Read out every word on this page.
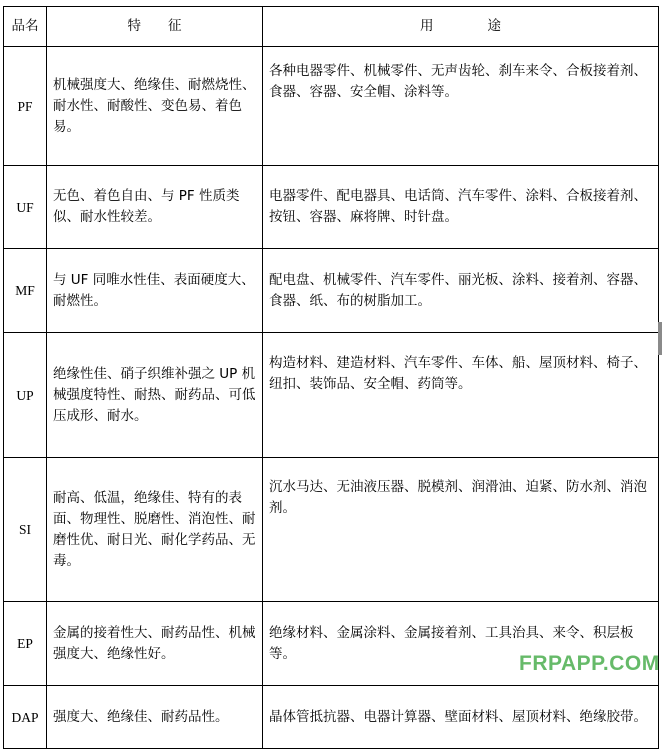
品名	特　　征	用　　　　途
PF	机械强度大、绝缘佳、耐燃烧性、耐水性、耐酸性、变色易、着色易。	各种电器零件、机械零件、无声齿轮、刹车来令、合板接着剂、食器、容器、安全帽、涂料等。
UF	无色、着色自由、与 PF 性质类似、耐水性较差。	电器零件、配电器具、电话筒、汽车零件、涂料、合板接着剂、按钮、容器、麻将牌、时针盘。
MF	与 UF 同唯水性佳、表面硬度大、耐燃性。	配电盘、机械零件、汽车零件、丽光板、涂料、接着剂、容器、食器、纸、布的树脂加工。
UP	绝缘性佳、硝子织维补强之 UP 机械强度特性、耐热、耐药品、可低压成形、耐水。	构造材料、建造材料、汽车零件、车体、船、屋顶材料、椅子、纽扣、装饰品、安全帽、药筒等。
SI	耐高、低温，绝缘佳、特有的表面、物理性、脱磨性、消泡性、耐磨性优、耐日光、耐化学药品、无毒。	沉水马达、无油液压器、脱模剂、润滑油、迫紧、防水剂、消泡剂。
EP	金属的接着性大、耐药品性、机械强度大、绝缘性好。	绝缘材料、金属涂料、金属接着剂、工具治具、来令、积层板等。
DAP	强度大、绝缘佳、耐药品性。	晶体管抵抗器、电器计算器、壁面材料、屋顶材料、绝缘胶带。
FRPAPP.COM
